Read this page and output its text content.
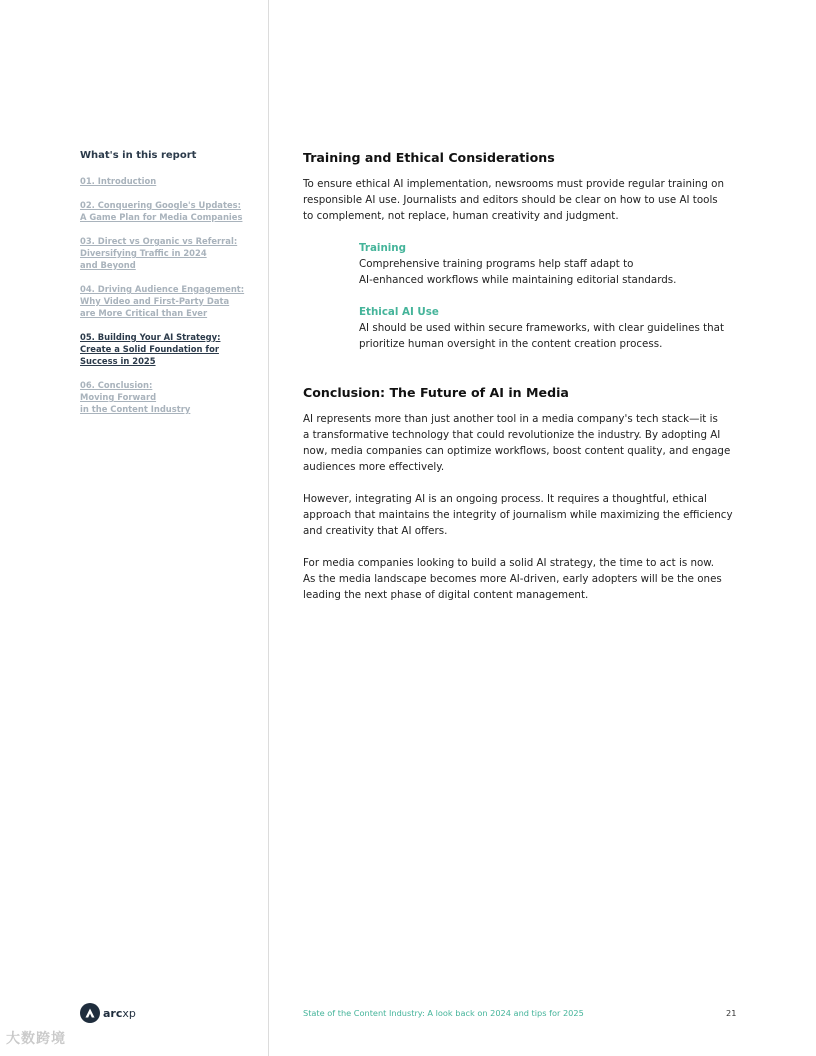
What's in this report
01. Introduction
02. Conquering Google's Updates:
A Game Plan for Media Companies
03. Direct vs Organic vs Referral:
Diversifying Traffic in 2024
and Beyond
04. Driving Audience Engagement:
Why Video and First-Party Data
are More Critical than Ever
05. Building Your AI Strategy:
Create a Solid Foundation for
Success in 2025
06. Conclusion:
Moving Forward
in the Content Industry
Training and Ethical Considerations

To ensure ethical AI implementation, newsrooms must provide regular training on
responsible AI use. Journalists and editors should be clear on how to use AI tools
to complement, not replace, human creativity and judgment.

Training

Comprehensive training programs help staff adapt to
AI-enhanced workflows while maintaining editorial standards.

Ethical AI Use

AI should be used within secure frameworks, with clear guidelines that
prioritize human oversight in the content creation process.

Conclusion: The Future of AI in Media

AI represents more than just another tool in a media company's tech stack—it is
a transformative technology that could revolutionize the industry. By adopting AI
now, media companies can optimize workflows, boost content quality, and engage
audiences more effectively.

However, integrating AI is an ongoing process. It requires a thoughtful, ethical
approach that maintains the integrity of journalism while maximizing the efficiency
and creativity that AI offers.

For media companies looking to build a solid AI strategy, the time to act is now.
As the media landscape becomes more AI-driven, early adopters will be the ones
leading the next phase of digital content management.

arcxp	State of the Content Industry: A look back on 2024 and tips for 2025	21
大数跨境
